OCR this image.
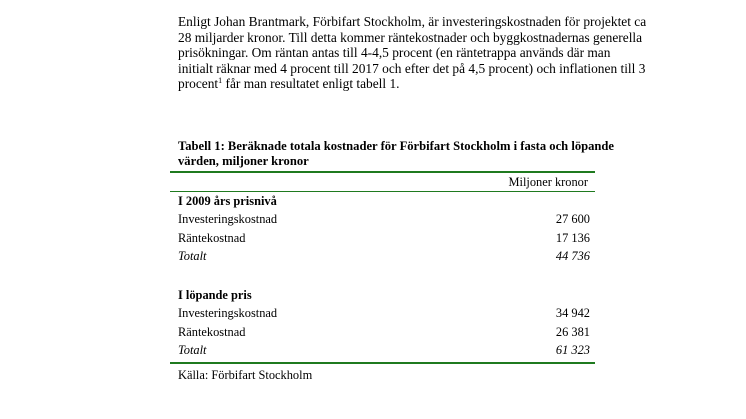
Enligt Johan Brantmark, Förbifart Stockholm, är investeringskostnaden för projektet ca 28 miljarder kronor. Till detta kommer räntekostnader och byggkostnadernas generella prisökningar. Om räntan antas till 4-4,5 procent (en räntetrappa används där man initialt räknar med 4 procent till 2017 och efter det på 4,5 procent) och inflationen till 3 procent$^1$ får man resultatet enligt tabell 1.

Tabell 1: Beräknade totala kostnader för Förbifart Stockholm i fasta och löpande värden, miljoner kronor

Miljoner kronor
I 2009 års prisnivå
Investeringskostnad	27 600
Räntekostnad	17 136
Totalt	44 736
I löpande pris
Investeringskostnad	34 942
Räntekostnad	26 381
Totalt	61 323
Källa: Förbifart Stockholm
